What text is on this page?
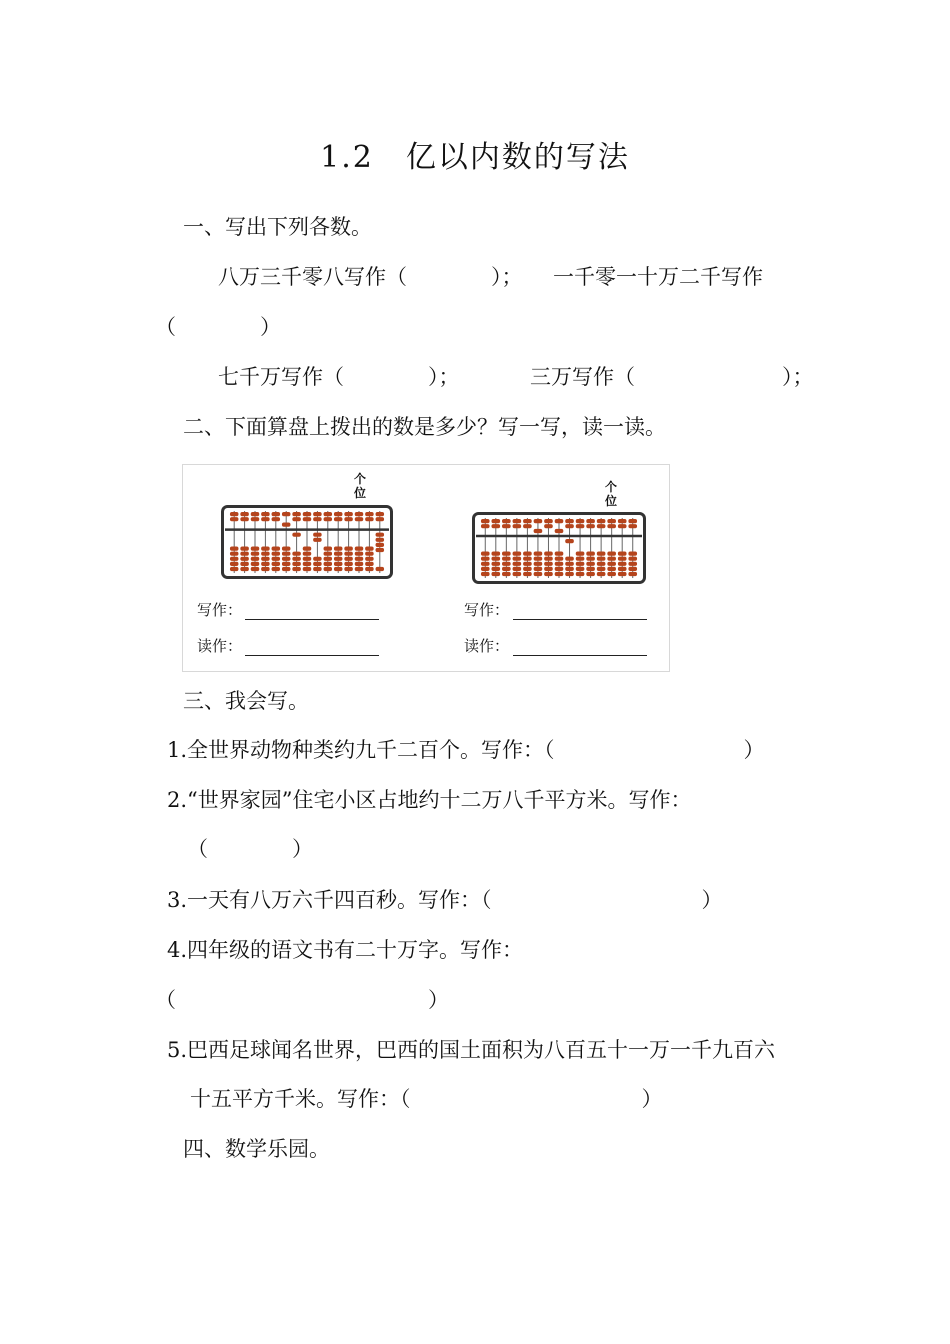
1.2　亿以内数的写法
一、写出下列各数。
八万三千零八写作（　　　　）； 一千零一十万二千写作
（　　　　）
七千万写作（　　　　）；	三万写作（　　　　　　　）；
二、下面算盘上拨出的数是多少？写一写，读一读。
个
位
写作：
读作：
个
位
写作：
读作：
三、我会写。
1.全世界动物种类约九千二百个。写作：（　　　　　　　　　）
2.“世界家园”住宅小区占地约十二万八千平方米。写作：
（　　　　）
3.一天有八万六千四百秒。写作：（　　　　　　　　　　）
4.四年级的语文书有二十万字。写作：
（　　　　　　　　　　　　）
5.巴西足球闻名世界，巴西的国土面积为八百五十一万一千九百六
十五平方千米。写作：（　　　　　　　　　　　）
四、数学乐园。
